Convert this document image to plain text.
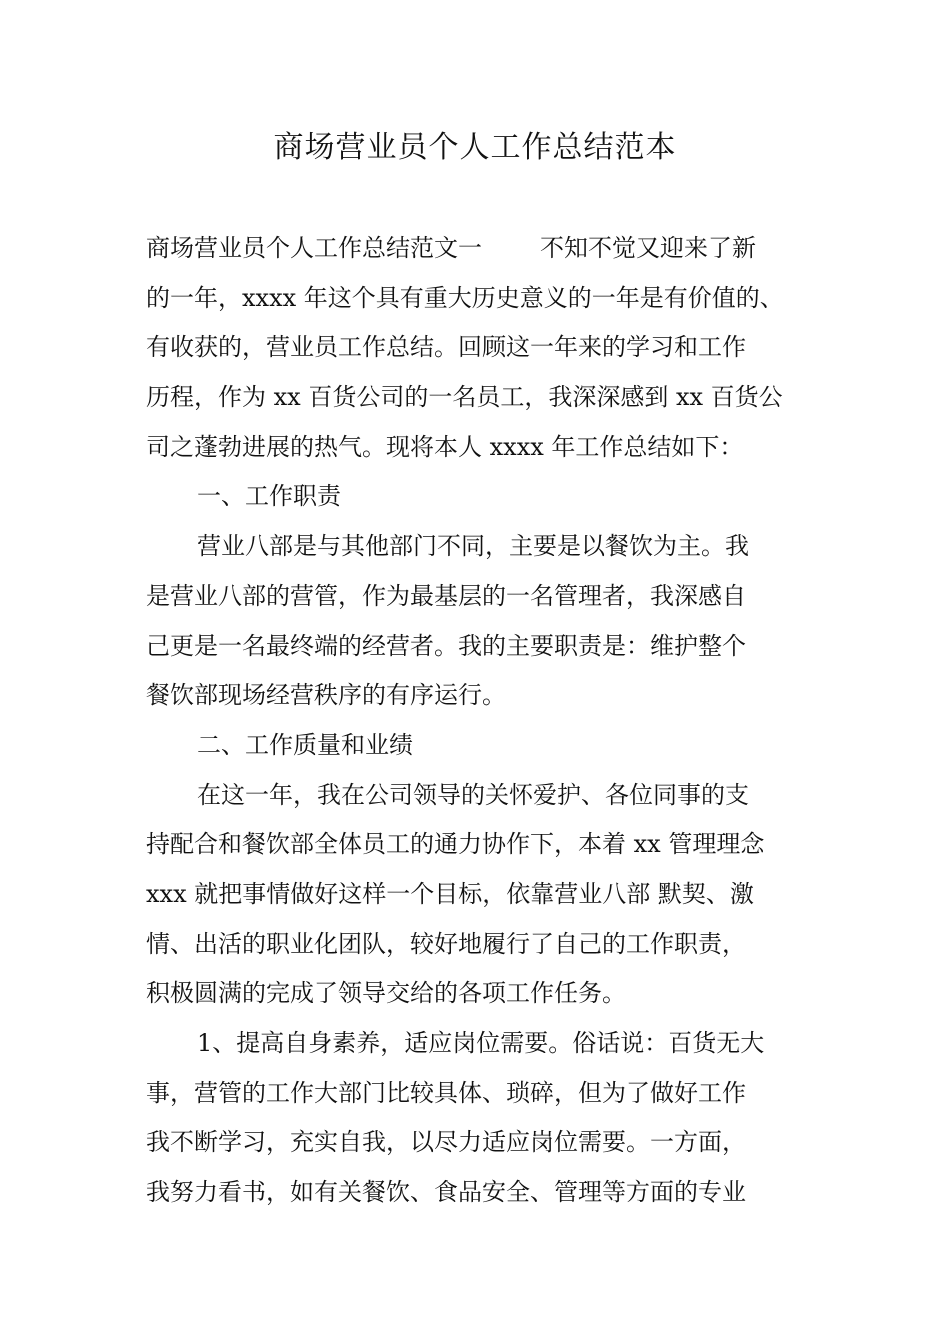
商场营业员个人工作总结范本
商场营业员个人工作总结范文一 不知不觉又迎来了新
的一年，xxxx 年这个具有重大历史意义的一年是有价值的、
有收获的，营业员工作总结。回顾这一年来的学习和工作
历程，作为 xx 百货公司的一名员工，我深深感到 xx 百货公
司之蓬勃进展的热气。现将本人 xxxx 年工作总结如下：
一、工作职责
营业八部是与其他部门不同，主要是以餐饮为主。我
是营业八部的营管，作为最基层的一名管理者，我深感自
己更是一名最终端的经营者。我的主要职责是：维护整个
餐饮部现场经营秩序的有序运行。
二、工作质量和业绩
在这一年，我在公司领导的关怀爱护、各位同事的支
持配合和餐饮部全体员工的通力协作下，本着 xx 管理理念
xxx 就把事情做好这样一个目标，依靠营业八部 默契、激
情、出活的职业化团队，较好地履行了自己的工作职责，
积极圆满的完成了领导交给的各项工作任务。
1、提高自身素养，适应岗位需要。俗话说：百货无大
事，营管的工作大部门比较具体、琐碎，但为了做好工作
我不断学习，充实自我，以尽力适应岗位需要。一方面，
我努力看书，如有关餐饮、食品安全、管理等方面的专业
